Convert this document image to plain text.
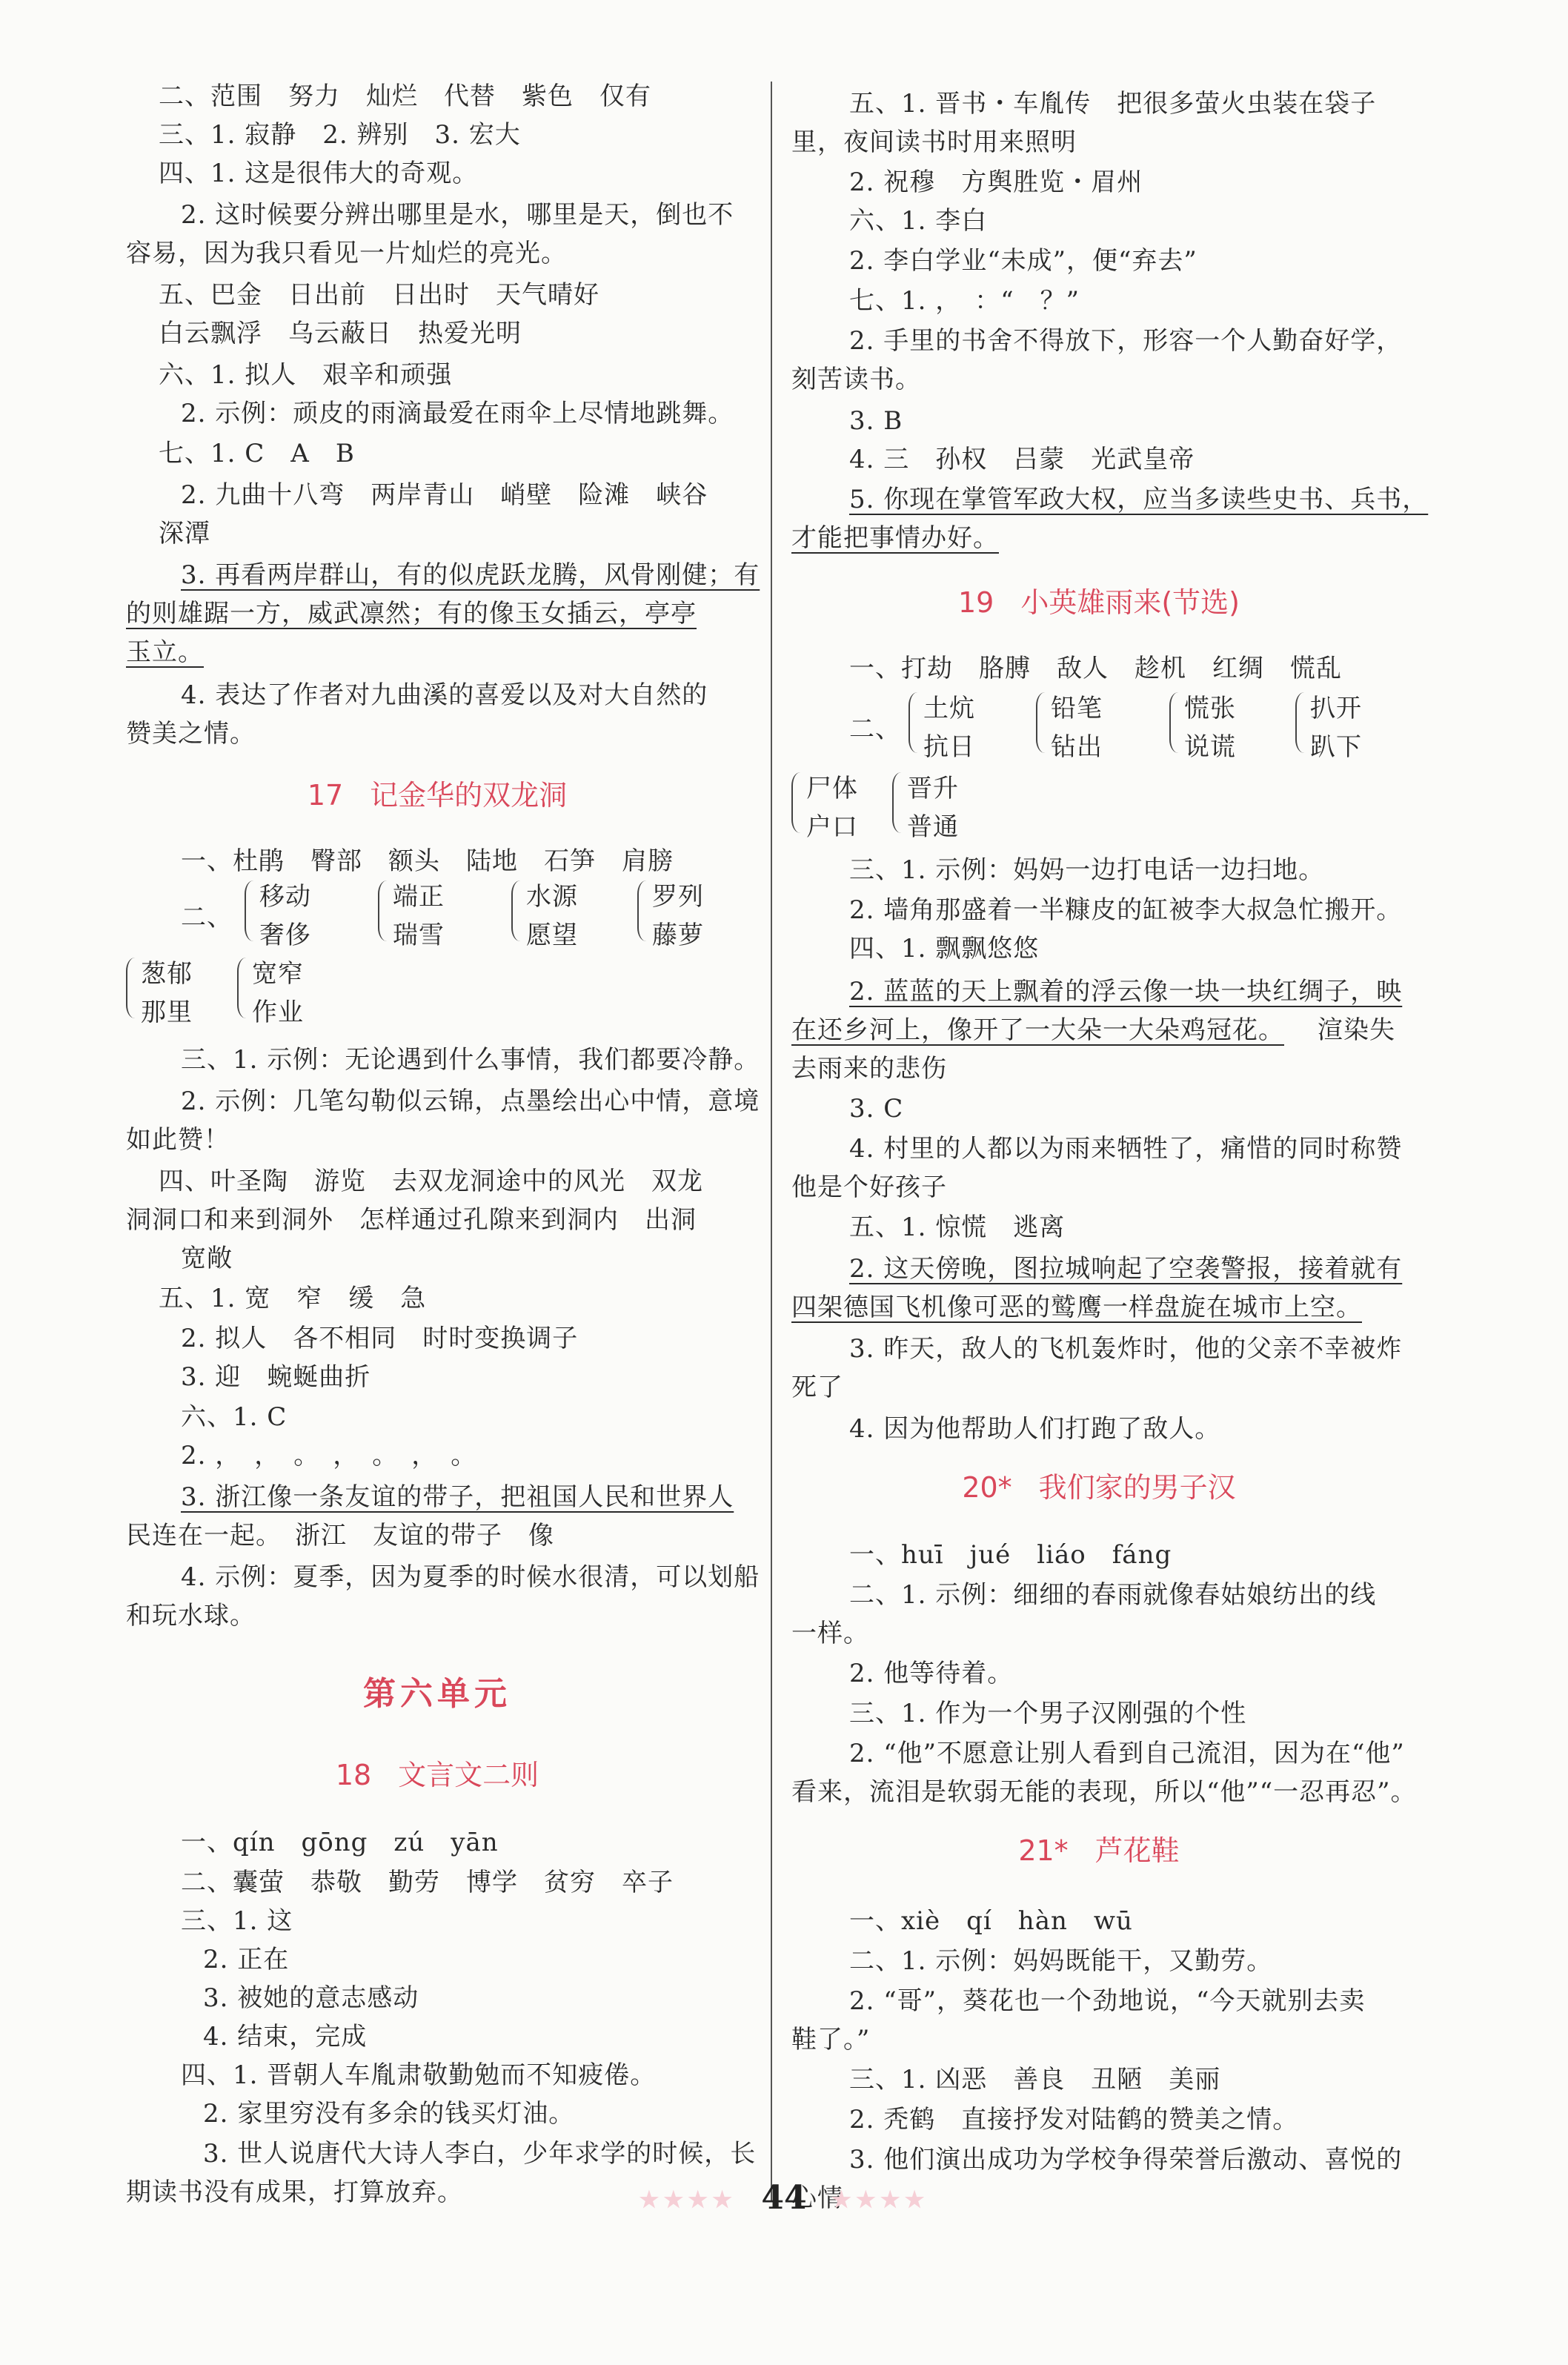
二、范围　努力　灿烂　代替　紫色　仅有
三、1. 寂静　2. 辨别　3. 宏大
四、1. 这是很伟大的奇观。
2. 这时候要分辨出哪里是水，哪里是天，倒也不
容易，因为我只看见一片灿烂的亮光。
五、巴金　日出前　日出时　天气晴好
白云飘浮　乌云蔽日　热爱光明
六、1. 拟人　艰辛和顽强
2. 示例：顽皮的雨滴最爱在雨伞上尽情地跳舞。
七、1. C　A　B
2. 九曲十八弯　两岸青山　峭壁　险滩　峡谷
深潭
3. 再看两岸群山，有的似虎跃龙腾，风骨刚健；有
的则雄踞一方，威武凛然；有的像玉女插云，亭亭
玉立。
4. 表达了作者对九曲溪的喜爱以及对大自然的
赞美之情。
17 记金华的双龙洞
一、杜鹃　臀部　额头　陆地　石笋　肩膀
二、
移动
奢侈
端正
瑞雪
水源
愿望
罗列
藤萝
葱郁
那里
宽窄
作业
三、1. 示例：无论遇到什么事情，我们都要冷静。
2. 示例：几笔勾勒似云锦，点墨绘出心中情，意境
如此赞！
四、叶圣陶　游览　去双龙洞途中的风光　双龙
洞洞口和来到洞外　怎样通过孔隙来到洞内　出洞
宽敞
五、1. 宽　窄　缓　急
2. 拟人　各不相同　时时变换调子
3. 迎　蜿蜒曲折
六、1. C
2. ，　，　。　，　。　，　。
3. 浙江像一条友谊的带子，把祖国人民和世界人
民连在一起。　浙江　友谊的带子　像
4. 示例：夏季，因为夏季的时候水很清，可以划船
和玩水球。
第六单元
18 文言文二则
一、qín　gōng　zú　yān
二、囊萤　恭敬　勤劳　博学　贫穷　卒子
三、1. 这
2. 正在
3. 被她的意志感动
4. 结束，完成
四、1. 晋朝人车胤肃敬勤勉而不知疲倦。
2. 家里穷没有多余的钱买灯油。
3. 世人说唐代大诗人李白，少年求学的时候，长
期读书没有成果，打算放弃。
五、1. 晋书・车胤传　把很多萤火虫装在袋子
里，夜间读书时用来照明
2. 祝穆　方舆胜览・眉州
六、1. 李白
2. 李白学业“未成”，便“弃去”
七、1. ，　：“　？”
2. 手里的书舍不得放下，形容一个人勤奋好学，
刻苦读书。
3. B
4. 三　孙权　吕蒙　光武皇帝
5. 你现在掌管军政大权，应当多读些史书、兵书，
才能把事情办好。
19 小英雄雨来(节选)
一、打劫　胳膊　敌人　趁机　红绸　慌乱
二、
土炕
抗日
铅笔
钻出
慌张
说谎
扒开
趴下
尸体
户口
晋升
普通
三、1. 示例：妈妈一边打电话一边扫地。
2. 墙角那盛着一半糠皮的缸被李大叔急忙搬开。
四、1. 飘飘悠悠
2. 蓝蓝的天上飘着的浮云像一块一块红绸子，映
在还乡河上，像开了一大朵一大朵鸡冠花。 渲染失
去雨来的悲伤
3. C
4. 村里的人都以为雨来牺牲了，痛惜的同时称赞
他是个好孩子
五、1. 惊慌　逃离
2. 这天傍晚，图拉城响起了空袭警报，接着就有
四架德国飞机像可恶的鹫鹰一样盘旋在城市上空。
3. 昨天，敌人的飞机轰炸时，他的父亲不幸被炸
死了
4. 因为他帮助人们打跑了敌人。
20* 我们家的男子汉
一、huī　jué　liáo　fáng
二、1. 示例：细细的春雨就像春姑娘纺出的线
一样。
2. 他等待着。
三、1. 作为一个男子汉刚强的个性
2. “他”不愿意让别人看到自己流泪，因为在“他”
看来，流泪是软弱无能的表现，所以“他”“一忍再忍”。
21* 芦花鞋
一、xiè　qí　hàn　wū
二、1. 示例：妈妈既能干，又勤劳。
2. “哥”，葵花也一个劲地说，“今天就别去卖
鞋了。”
三、1. 凶恶　善良　丑陋　美丽
2. 秃鹤　直接抒发对陆鹤的赞美之情。
3. 他们演出成功为学校争得荣誉后激动、喜悦的
心情
★★★★ 44 ★★★★
